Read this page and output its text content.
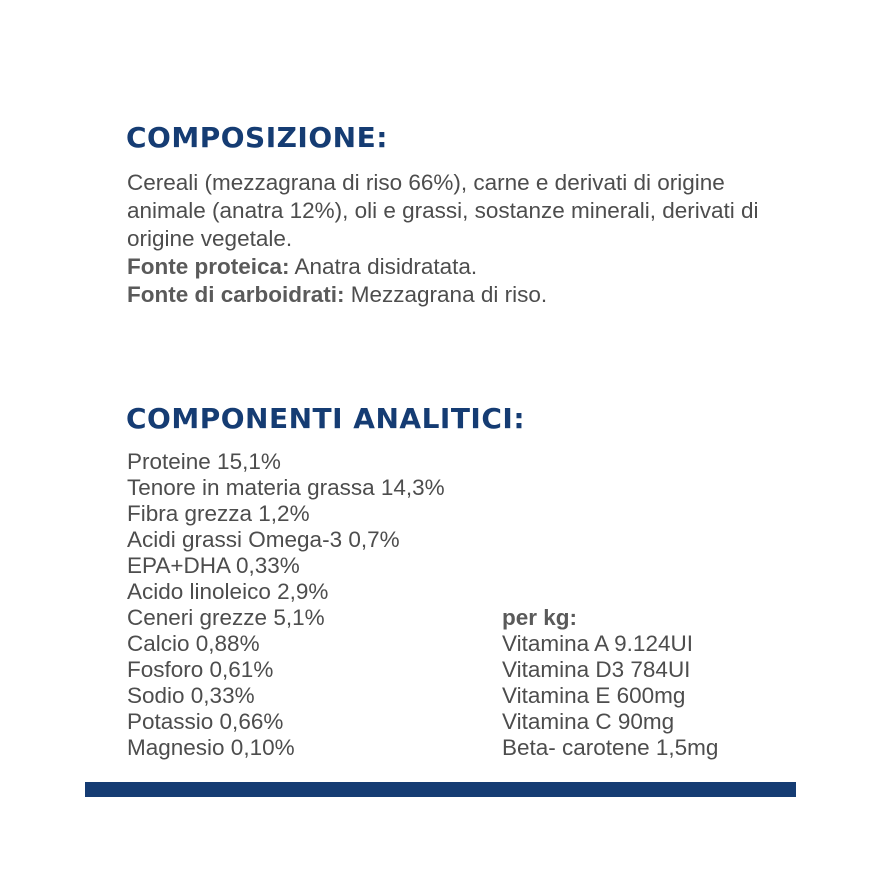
COMPOSIZIONE:

Cereali (mezzagrana di riso 66%), carne e derivati di origine animale (anatra 12%), oli e grassi, sostanze minerali, derivati di origine vegetale.

Fonte proteica: Anatra disidratata.

Fonte di carboidrati: Mezzagrana di riso.

COMPONENTI ANALITICI:
Proteine 15,1%
Tenore in materia grassa 14,3%
Fibra grezza 1,2%
Acidi grassi Omega-3 0,7%
EPA+DHA 0,33%
Acido linoleico 2,9%
Ceneri grezze 5,1%
Calcio 0,88%
Fosforo 0,61%
Sodio 0,33%
Potassio 0,66%
Magnesio 0,10%
per kg:
Vitamina A 9.124UI
Vitamina D3 784UI
Vitamina E 600mg
Vitamina C 90mg
Beta- carotene 1,5mg
